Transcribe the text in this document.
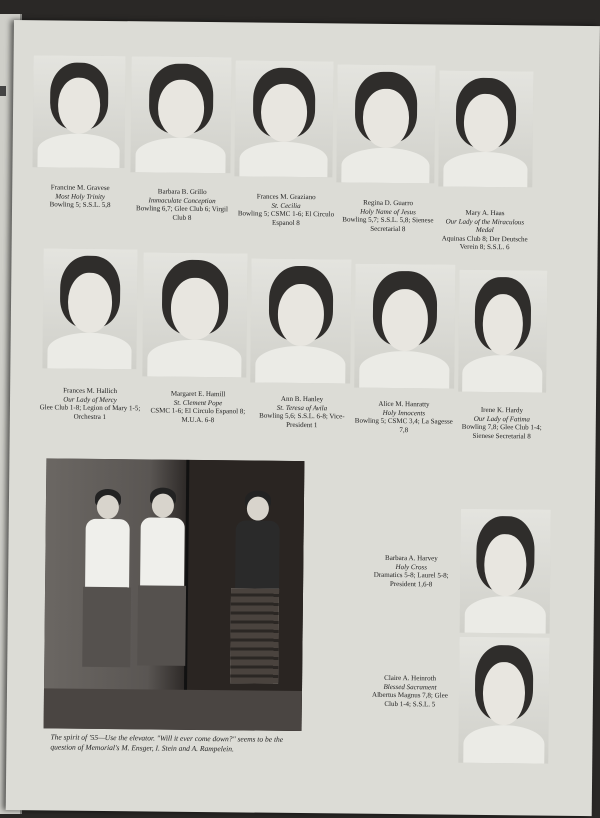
Francine M. Gravese
Most Holy Trinity
Bowling 5; S.S.L. 5,8
Barbara B. Grillo
Immaculate Conception
Bowling 6,7; Glee Club 6; Virgil Club 8
Frances M. Graziano
St. Cecilia
Bowling 5; CSMC 1-6; El Circulo Espanol 8
Regina D. Guarro
Holy Name of Jesus
Bowling 5,7; S.S.L. 5,8; Sienese Secretarial 8
Mary A. Haas
Our Lady of the Miraculous Medal
Aquinas Club 8; Der Deutsche Verein 8; S.S.L. 6
Frances M. Hallich
Our Lady of Mercy
Glee Club 1-8; Legion of Mary 1-5; Orchestra 1
Margaret E. Hamill
St. Clement Pope
CSMC 1-6; El Circulo Espanol 8; M.U.A. 6-8
Ann B. Hanley
St. Teresa of Avila
Bowling 5,6; S.S.L. 6-8; Vice-President 1
Alice M. Hanratty
Holy Innocents
Bowling 5; CSMC 3,4; La Sagesse 7,8
Irene K. Hardy
Our Lady of Fatima
Bowling 7,8; Glee Club 1-4; Sienese Secretarial 8
The spirit of '55—Use the elevator. "Will it ever come down?" seems to be the question of Memorial's M. Ensger, I. Stein and A. Rampelein.
Barbara A. Harvey
Holy Cross
Dramatics 5-8; Laurel 5-8; President 1,6-8
Claire A. Heinroth
Blessed Sacrament
Albertus Magnus 7,8; Glee Club 1-4; S.S.L. 5
